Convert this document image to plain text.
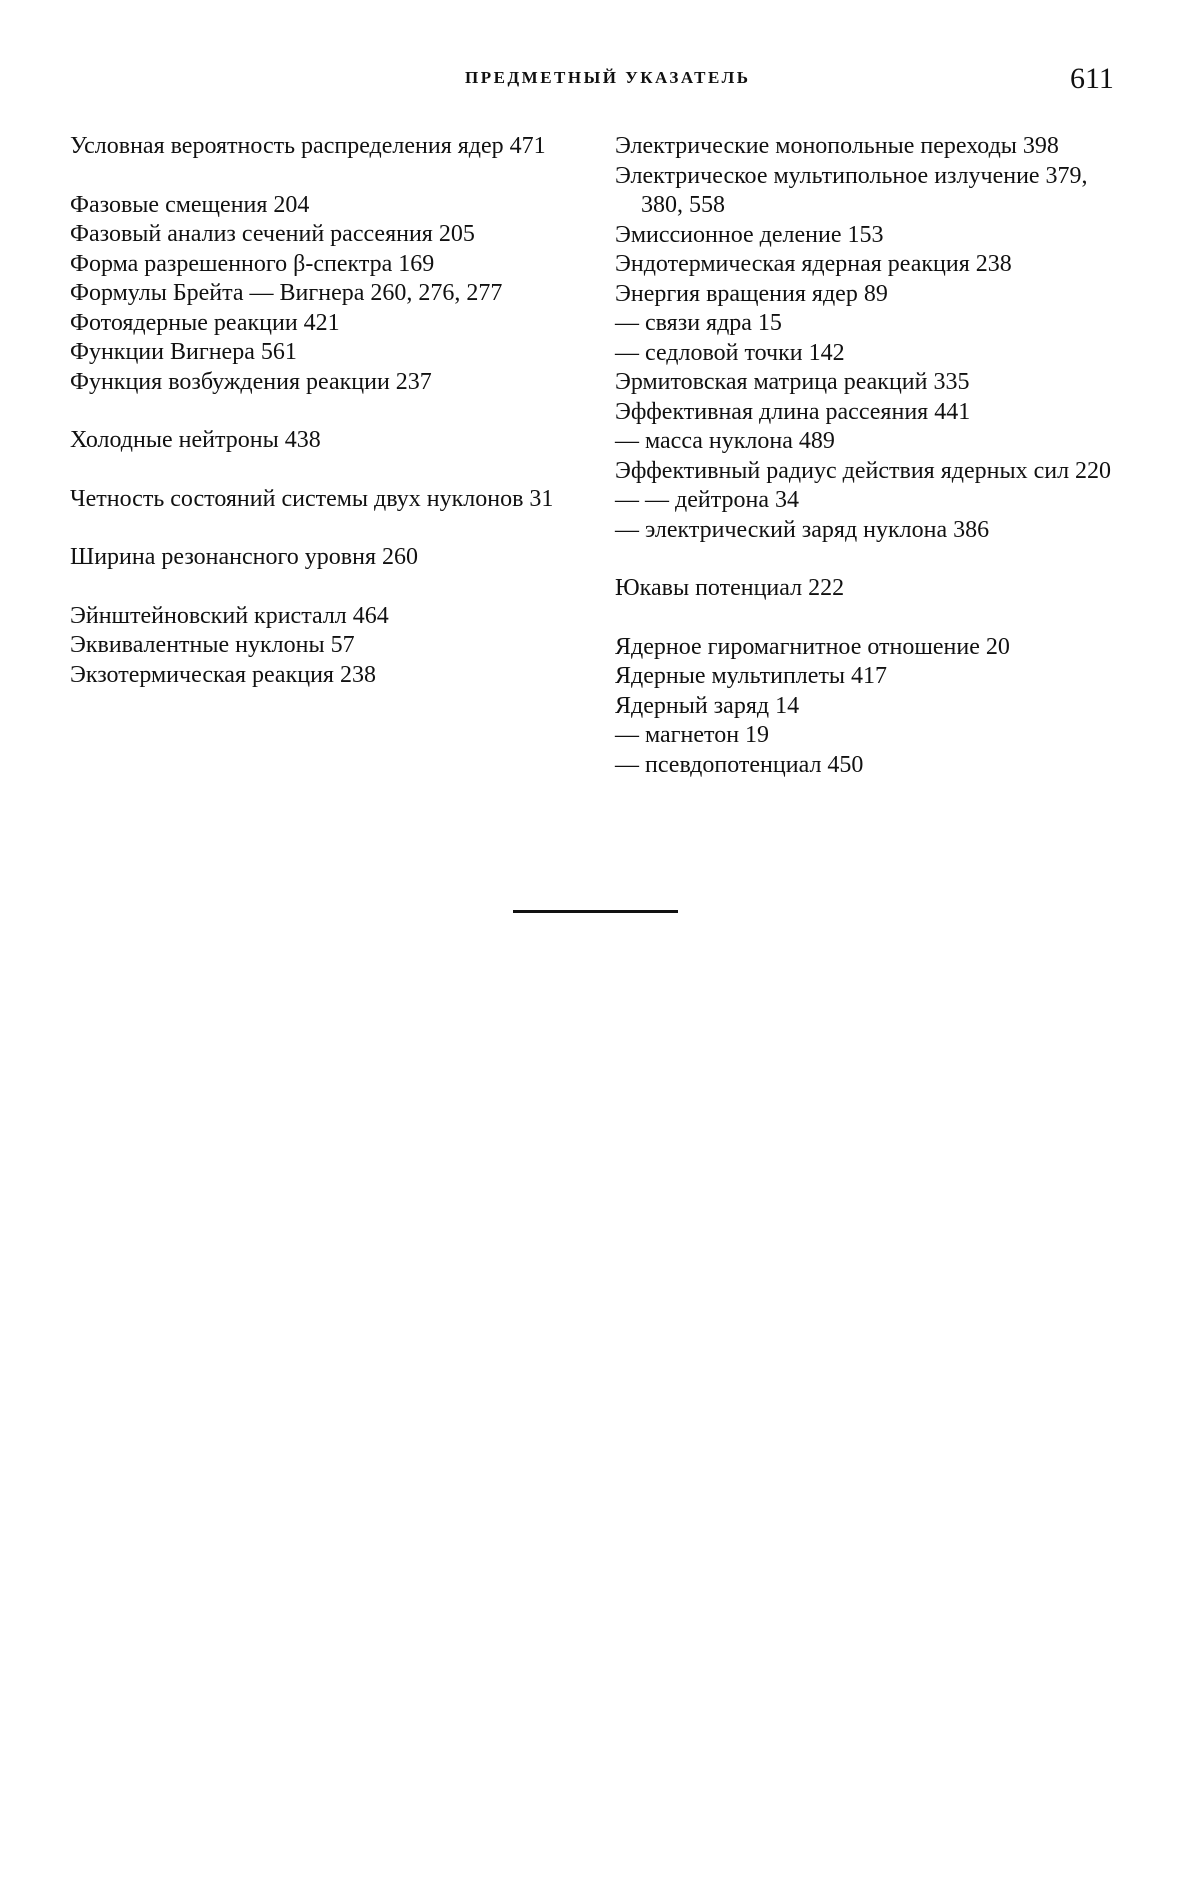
ПРЕДМЕТНЫЙ УКАЗАТЕЛЬ	611
Условная вероятность распределения ядер 471
Фазовые смещения 204
Фазовый анализ сечений рассеяния 205
Форма разрешенного β-спектра 169
Формулы Брейта — Вигнера 260, 276, 277
Фотоядерные реакции 421
Функции Вигнера 561
Функция возбуждения реакции 237
Холодные нейтроны 438
Четность состояний системы двух нуклонов 31
Ширина резонансного уровня 260
Эйнштейновский кристалл 464
Эквивалентные нуклоны 57
Экзотермическая реакция 238
Электрические монопольные переходы 398
Электрическое мультипольное излучение 379, 380, 558
Эмиссионное деление 153
Эндотермическая ядерная реакция 238
Энергия вращения ядер 89
— связи ядра 15
— седловой точки 142
Эрмитовская матрица реакций 335
Эффективная длина рассеяния 441
— масса нуклона 489
Эффективный радиус действия ядерных сил 220
— — дейтрона 34
— электрический заряд нуклона 386
Юкавы потенциал 222
Ядерное гиромагнитное отношение 20
Ядерные мультиплеты 417
Ядерный заряд 14
— магнетон 19
— псевдопотенциал 450
